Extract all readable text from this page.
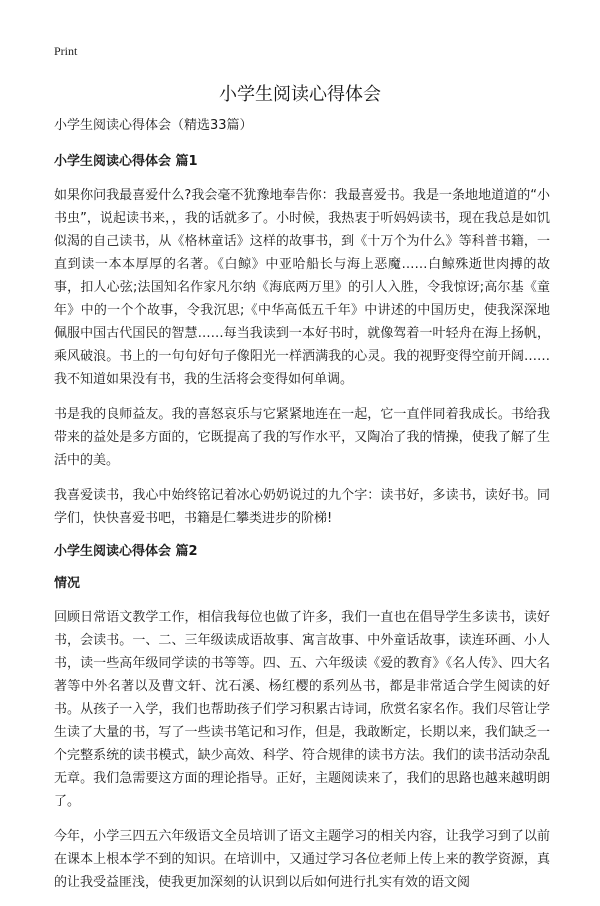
Print
小学生阅读心得体会
小学生阅读心得体会（精选33篇）
小学生阅读心得体会 篇1

如果你问我最喜爱什么?我会毫不犹豫地奉告你：我最喜爱书。我是一条地地道道的“小书虫”，说起读书来，，我的话就多了。小时候，我热衷于听妈妈读书，现在我总是如饥似渴的自己读书，从《格林童话》这样的故事书，到《十万个为什么》等科普书籍，一直到读一本本厚厚的名著。《白鲸》中亚哈船长与海上恶魔……白鲸殊逝世肉搏的故事，扣人心弦;法国知名作家凡尔纳《海底两万里》的引人入胜，令我惊讶;高尔基《童年》中的一个个故事，令我沉思;《中华高低五千年》中讲述的中国历史，使我深深地佩服中国古代国民的智慧……每当我读到一本好书时，就像驾着一叶轻舟在海上扬帆，乘风破浪。书上的一句句好句子像阳光一样洒满我的心灵。我的视野变得空前开阔……我不知道如果没有书，我的生活将会变得如何单调。

书是我的良师益友。我的喜怒哀乐与它紧紧地连在一起，它一直伴同着我成长。书给我带来的益处是多方面的，它既提高了我的写作水平，又陶冶了我的情操，使我了解了生活中的美。

我喜爱读书，我心中始终铭记着冰心奶奶说过的九个字：读书好，多读书，读好书。同学们，快快喜爱书吧，书籍是仁攀类进步的阶梯!

小学生阅读心得体会 篇2
情况

回顾日常语文教学工作，相信我每位也做了许多，我们一直也在倡导学生多读书，读好书，会读书。一、二、三年级读成语故事、寓言故事、中外童话故事，读连环画、小人书，读一些高年级同学读的书等等。四、五、六年级读《爱的教育》《名人传》、四大名著等中外名著以及曹文轩、沈石溪、杨红樱的系列丛书，都是非常适合学生阅读的好书。从孩子一入学，我们也帮助孩子们学习积累古诗词，欣赏名家名作。我们尽管让学生读了大量的书，写了一些读书笔记和习作，但是，我敢断定，长期以来，我们缺乏一个完整系统的读书模式，缺少高效、科学、符合规律的读书方法。我们的读书活动杂乱无章。我们急需要这方面的理论指导。正好，主题阅读来了，我们的思路也越来越明朗了。

今年，小学三四五六年级语文全员培训了语文主题学习的相关内容，让我学习到了以前在课本上根本学不到的知识。在培训中，又通过学习各位老师上传上来的教学资源，真的让我受益匪浅，使我更加深刻的认识到以后如何进行扎实有效的语文阅
